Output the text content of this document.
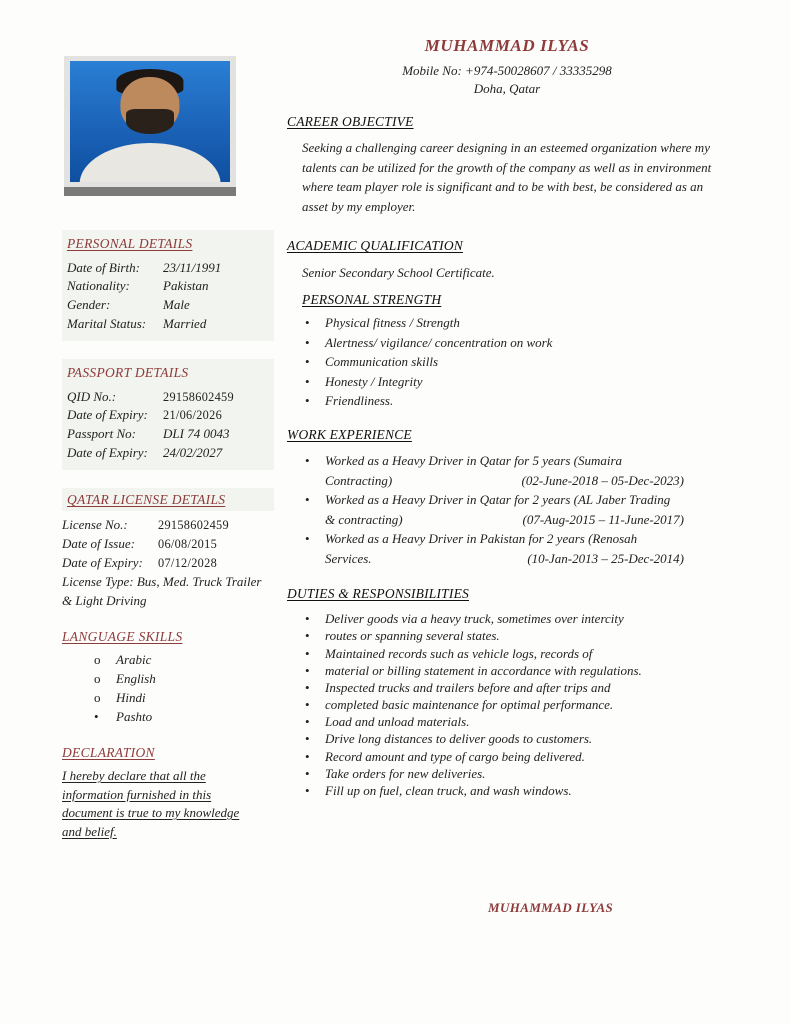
MUHAMMAD ILYAS
Mobile No: +974-50028607 / 33335298
Doha, Qatar
PERSONAL DETAILS
Date of Birth: 23/11/1991
Nationality:	Pakistan
Gender:	Male
Marital Status: Married
PASSPORT DETAILS
QID No.:	29158602459
Date of Expiry: 21/06/2026
Passport No: DLI 74 0043
Date of Expiry: 24/02/2027
QATAR LICENSE DETAILS
License No.: 29158602459
Date of Issue: 06/08/2015
Date of Expiry: 07/12/2028
License Type: Bus, Med. Truck Trailer & Light Driving
LANGUAGE SKILLS
o	Arabic
o	English
o	Hindi
•	Pashto
DECLARATION
I hereby declare that all the information furnished in this document is true to my knowledge and belief.
CAREER OBJECTIVE
Seeking a challenging career designing in an esteemed organization where my talents can be utilized for the growth of the company as well as in environment where team player role is significant and to be with best, be considered as an asset by my employer.
ACADEMIC QUALIFICATION
Senior Secondary School Certificate.
PERSONAL STRENGTH
•	Physical fitness / Strength
•	Alertness/ vigilance/ concentration on work
•	Communication skills
•	Honesty / Integrity
•	Friendliness.
WORK EXPERIENCE
•	Worked as a Heavy Driver in Qatar for 5 years (Sumaira
Contracting)	(02-June-2018 – 05-Dec-2023)
•	Worked as a Heavy Driver in Qatar for 2 years (AL Jaber Trading
& contracting)	(07-Aug-2015 – 11-June-2017)
•	Worked as a Heavy Driver in Pakistan for 2 years (Renosah
Services.	(10-Jan-2013 – 25-Dec-2014)
DUTIES & RESPONSIBILITIES
•	Deliver goods via a heavy truck, sometimes over intercity
•	routes or spanning several states.
•	Maintained records such as vehicle logs, records of
•	material or billing statement in accordance with regulations.
•	Inspected trucks and trailers before and after trips and
•	completed basic maintenance for optimal performance.
•	Load and unload materials.
•	Drive long distances to deliver goods to customers.
•	Record amount and type of cargo being delivered.
•	Take orders for new deliveries.
•	Fill up on fuel, clean truck, and wash windows.
MUHAMMAD ILYAS
